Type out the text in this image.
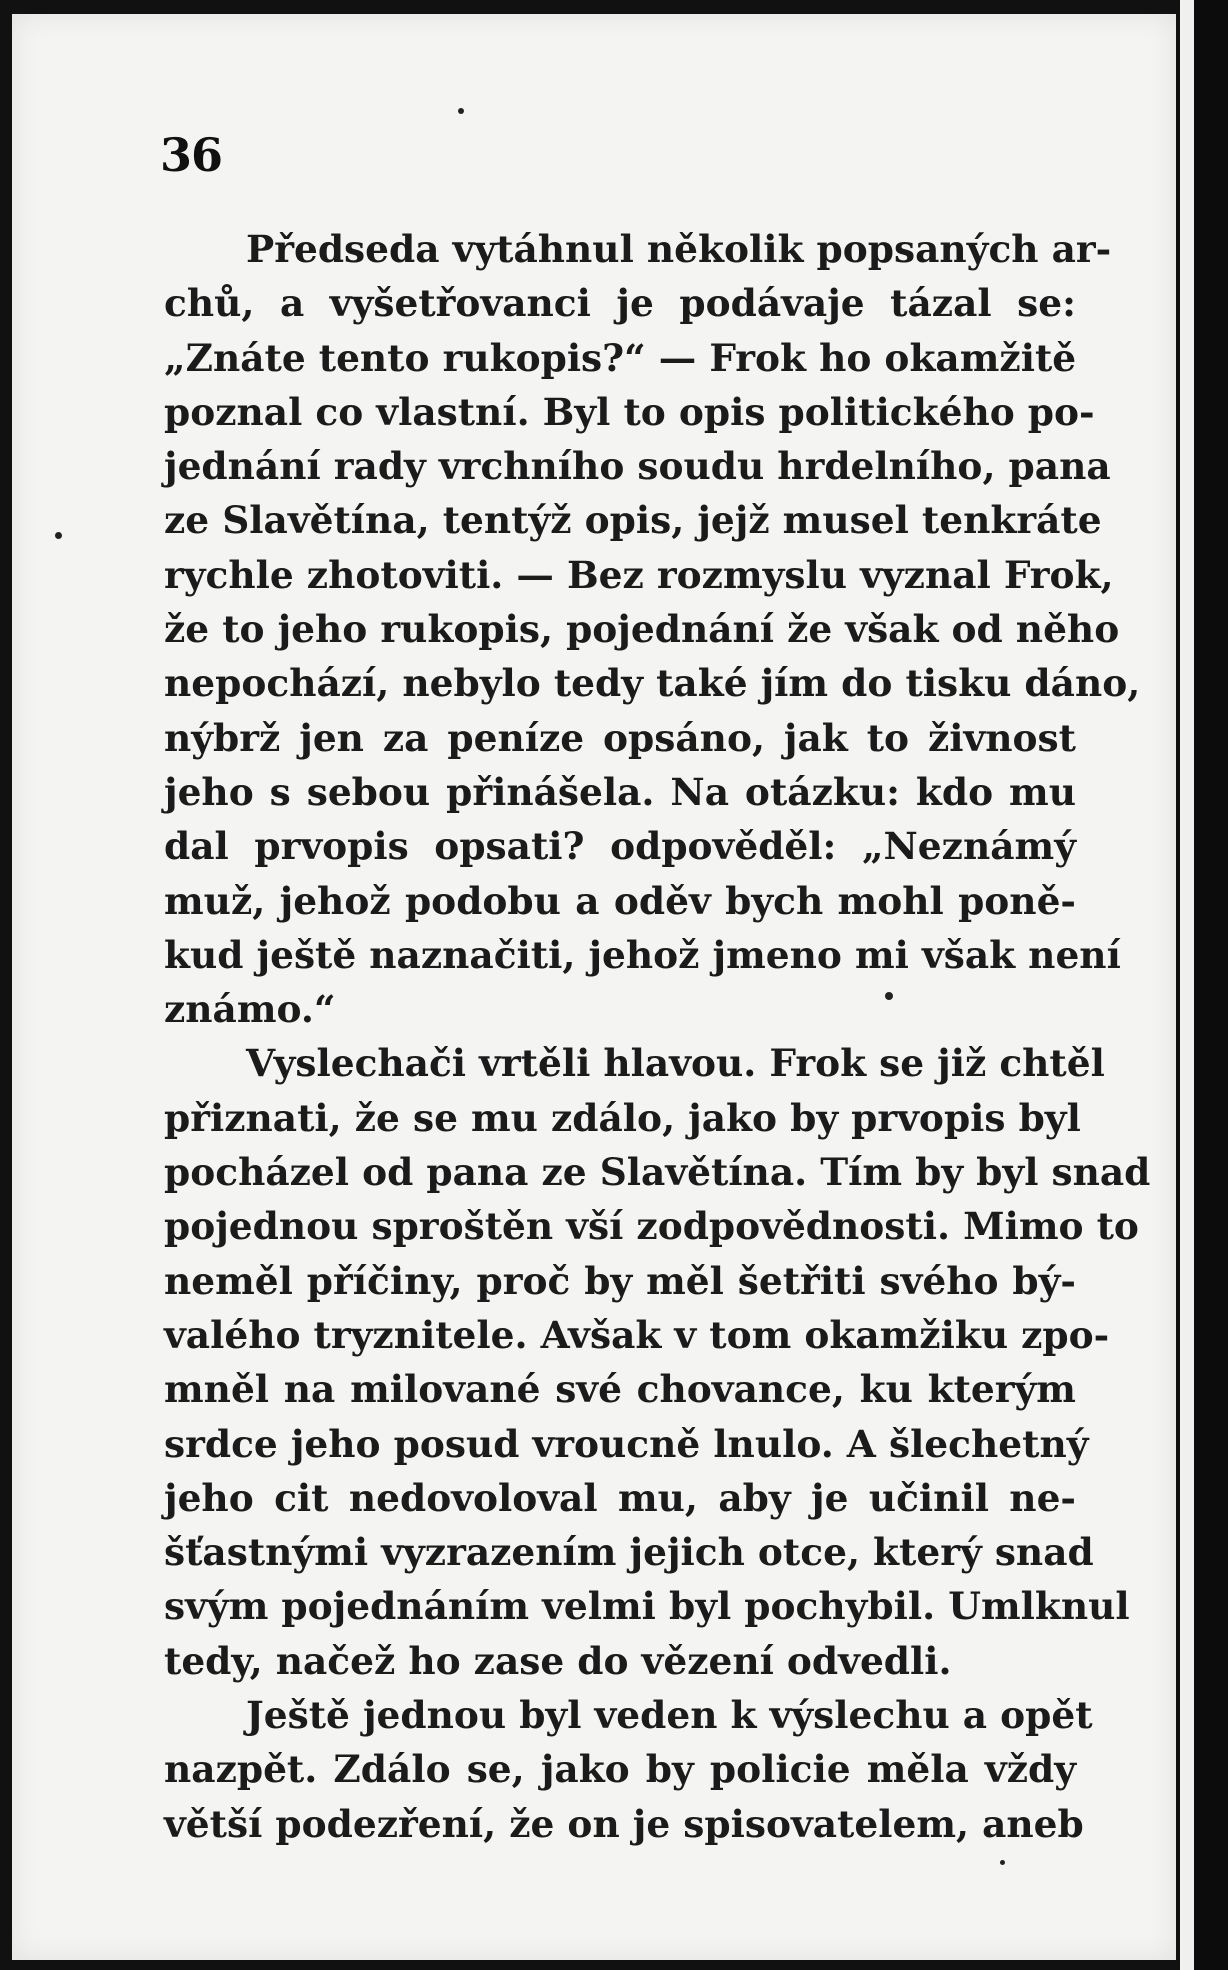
36
Předseda vytáhnul několik popsaných ar-
chů, a vyšetřovanci je podávaje tázal se:
„Znáte tento rukopis?“ — Frok ho okamžitě
poznal co vlastní. Byl to opis politického po-
jednání rady vrchního soudu hrdelního, pana
ze Slavětína, tentýž opis, jejž musel tenkráte
rychle zhotoviti. — Bez rozmyslu vyznal Frok,
že to jeho rukopis, pojednání že však od něho
nepochází, nebylo tedy také jím do tisku dáno,
nýbrž jen za peníze opsáno, jak to živnost
jeho s sebou přinášela. Na otázku: kdo mu
dal prvopis opsati? odpověděl: „Neznámý
muž, jehož podobu a oděv bych mohl poně-
kud ještě naznačiti, jehož jmeno mi však není
známo.“
Vyslechači vrtěli hlavou. Frok se již chtěl
přiznati, že se mu zdálo, jako by prvopis byl
pocházel od pana ze Slavětína. Tím by byl snad
pojednou sproštěn vší zodpovědnosti. Mimo to
neměl příčiny, proč by měl šetřiti svého bý-
valého tryznitele. Avšak v tom okamžiku zpo-
mněl na milované své chovance, ku kterým
srdce jeho posud vroucně lnulo. A šlechetný
jeho cit nedovoloval mu, aby je učinil ne-
šťastnými vyzrazením jejich otce, který snad
svým pojednáním velmi byl pochybil. Umlknul
tedy, načež ho zase do vězení odvedli.
Ještě jednou byl veden k výslechu a opět
nazpět. Zdálo se, jako by policie měla vždy
větší podezření, že on je spisovatelem, aneb
